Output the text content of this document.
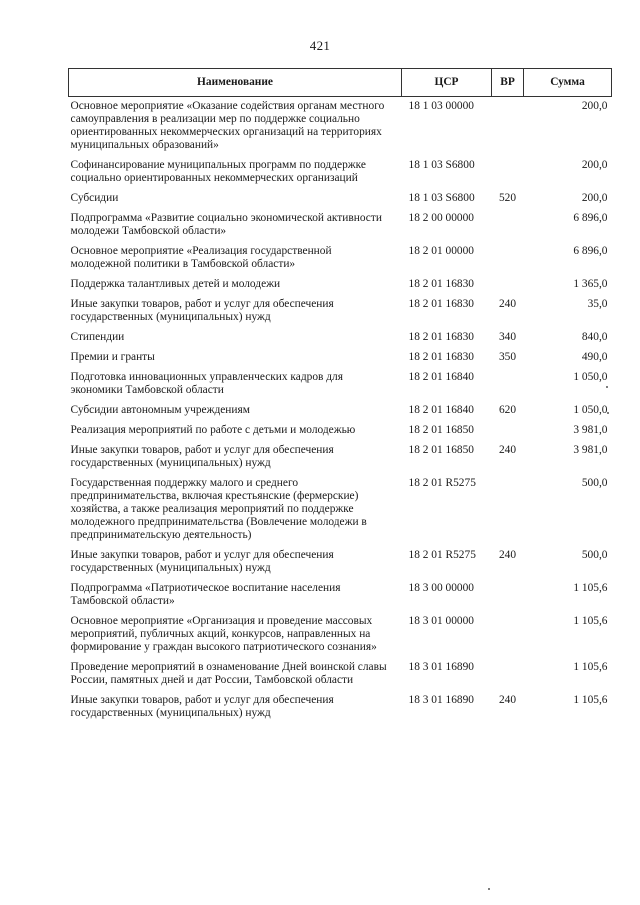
421
Наименование	ЦСР	ВР	Сумма
Основное мероприятие «Оказание содействия органам местного самоуправления в реализации мер по поддержке социально ориентированных некоммерческих организаций на территориях муниципальных образований»	18 1 03 00000		200,0
Софинансирование муниципальных программ по поддержке социально ориентированных некоммерческих организаций	18 1 03 S6800		200,0
Субсидии	18 1 03 S6800	520	200,0
Подпрограмма «Развитие социально экономической активности молодежи Тамбовской области»	18 2 00 00000		6 896,0
Основное мероприятие «Реализация государственной молодежной политики в Тамбовской области»	18 2 01 00000		6 896,0
Поддержка талантливых детей и молодежи	18 2 01 16830		1 365,0
Иные закупки товаров, работ и услуг для обеспечения государственных (муниципальных) нужд	18 2 01 16830	240	35,0
Стипендии	18 2 01 16830	340	840,0
Премии и гранты	18 2 01 16830	350	490,0
Подготовка инновационных управленческих кадров для экономики Тамбовской области	18 2 01 16840		1 050,0
Субсидии автономным учреждениям	18 2 01 16840	620	1 050,0
Реализация мероприятий по работе с детьми и молодежью	18 2 01 16850		3 981,0
Иные закупки товаров, работ и услуг для обеспечения государственных (муниципальных) нужд	18 2 01 16850	240	3 981,0
Государственная поддержку малого и среднего предпринимательства, включая крестьянские (фермерские) хозяйства, а также реализация мероприятий по поддержке молодежного предпринимательства (Вовлечение молодежи в предпринимательскую деятельность)	18 2 01 R5275		500,0
Иные закупки товаров, работ и услуг для обеспечения государственных (муниципальных) нужд	18 2 01 R5275	240	500,0
Подпрограмма «Патриотическое воспитание населения Тамбовской области»	18 3 00 00000		1 105,6
Основное мероприятие «Организация и проведение массовых мероприятий, публичных акций, конкурсов, направленных на формирование у граждан высокого патриотического сознания»	18 3 01 00000		1 105,6
Проведение мероприятий в ознаменование Дней воинской славы России, памятных дней и дат России, Тамбовской области	18 3 01 16890		1 105,6
Иные закупки товаров, работ и услуг для обеспечения государственных (муниципальных) нужд	18 3 01 16890	240	1 105,6
